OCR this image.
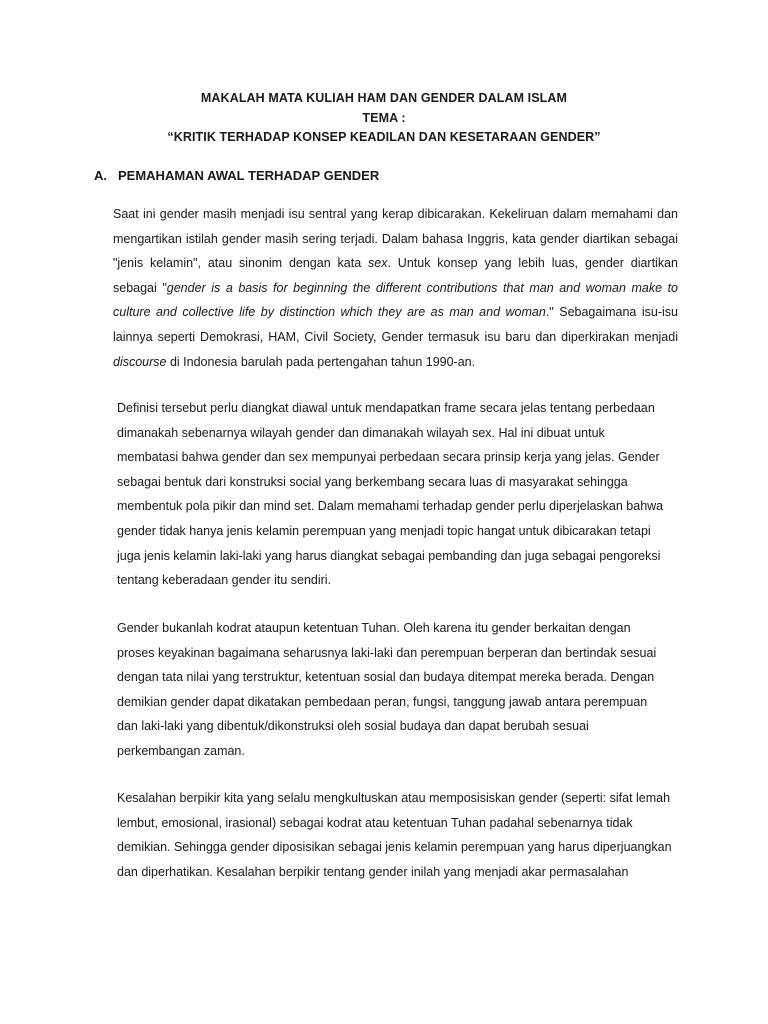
MAKALAH MATA KULIAH HAM DAN GENDER DALAM ISLAM
TEMA :
“KRITIK TERHADAP KONSEP KEADILAN DAN KESETARAAN GENDER”
A. PEMAHAMAN AWAL TERHADAP GENDER
Saat ini gender masih menjadi isu sentral yang kerap dibicarakan. Kekeliruan dalam memahami dan
mengartikan istilah gender masih sering terjadi. Dalam bahasa Inggris, kata gender diartikan sebagai
"jenis kelamin", atau sinonim dengan kata sex. Untuk konsep yang lebih luas, gender diartikan
sebagai "gender is a basis for beginning the different contributions that man and woman make to
culture and collective life by distinction which they are as man and woman." Sebagaimana isu-isu
lainnya seperti Demokrasi, HAM, Civil Society, Gender termasuk isu baru dan diperkirakan menjadi
discourse di Indonesia barulah pada pertengahan tahun 1990-an.
Definisi tersebut perlu diangkat diawal untuk mendapatkan frame secara jelas tentang perbedaan
dimanakah sebenarnya wilayah gender dan dimanakah wilayah sex. Hal ini dibuat untuk
membatasi bahwa gender dan sex mempunyai perbedaan secara prinsip kerja yang jelas. Gender
sebagai bentuk dari konstruksi social yang berkembang secara luas di masyarakat sehingga
membentuk pola pikir dan mind set. Dalam memahami terhadap gender perlu diperjelaskan bahwa
gender tidak hanya jenis kelamin perempuan yang menjadi topic hangat untuk dibicarakan tetapi
juga jenis kelamin laki-laki yang harus diangkat sebagai pembanding dan juga sebagai pengoreksi
tentang keberadaan gender itu sendiri.
Gender bukanlah kodrat ataupun ketentuan Tuhan. Oleh karena itu gender berkaitan dengan
proses keyakinan bagaimana seharusnya laki-laki dan perempuan berperan dan bertindak sesuai
dengan tata nilai yang terstruktur, ketentuan sosial dan budaya ditempat mereka berada. Dengan
demikian gender dapat dikatakan pembedaan peran, fungsi, tanggung jawab antara perempuan
dan laki-laki yang dibentuk/dikonstruksi oleh sosial budaya dan dapat berubah sesuai
perkembangan zaman.
Kesalahan berpikir kita yang selalu mengkultuskan atau memposisiskan gender (seperti: sifat lemah
lembut, emosional, irasional) sebagai kodrat atau ketentuan Tuhan padahal sebenarnya tidak
demikian. Sehingga gender diposisikan sebagai jenis kelamin perempuan yang harus diperjuangkan
dan diperhatikan. Kesalahan berpikir tentang gender inilah yang menjadi akar permasalahan
